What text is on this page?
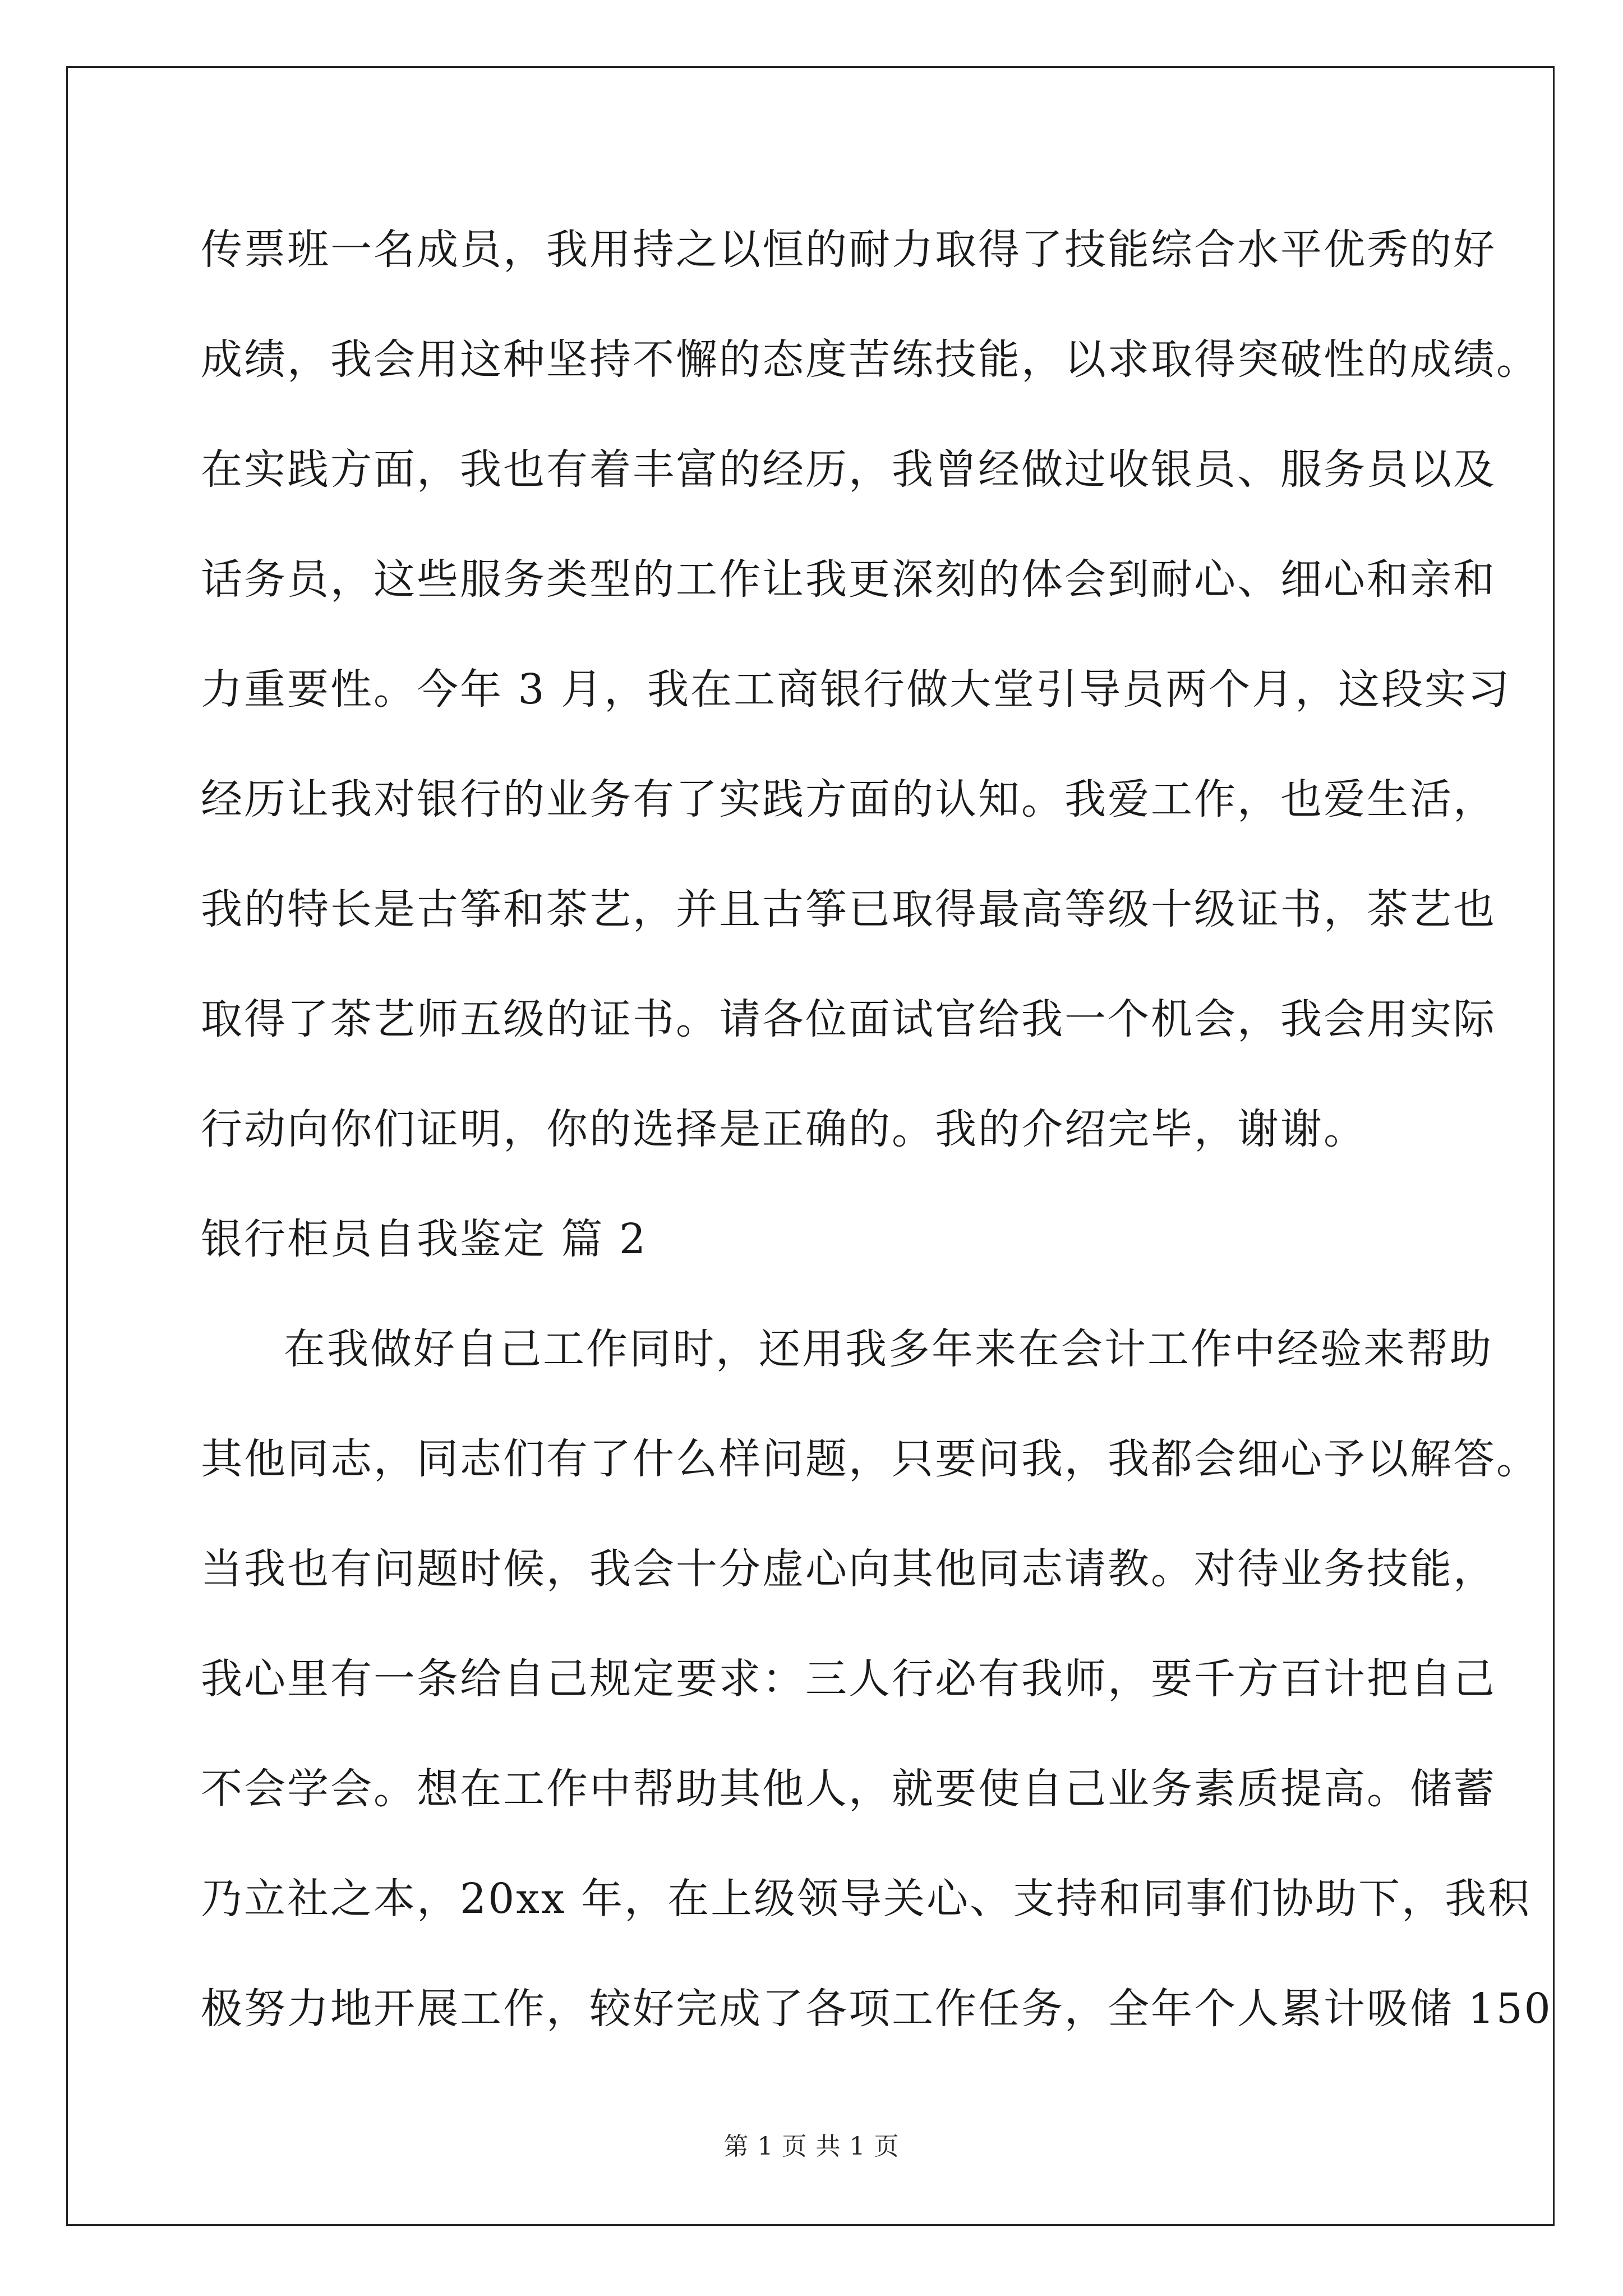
传票班一名成员，我用持之以恒的耐力取得了技能综合水平优秀的好
成绩，我会用这种坚持不懈的态度苦练技能，以求取得突破性的成绩。
在实践方面，我也有着丰富的经历，我曾经做过收银员、服务员以及
话务员，这些服务类型的工作让我更深刻的体会到耐心、细心和亲和
力重要性。今年 3 月，我在工商银行做大堂引导员两个月，这段实习
经历让我对银行的业务有了实践方面的认知。我爱工作，也爱生活，
我的特长是古筝和茶艺，并且古筝已取得最高等级十级证书，茶艺也
取得了茶艺师五级的证书。请各位面试官给我一个机会，我会用实际
行动向你们证明，你的选择是正确的。我的介绍完毕，谢谢。
银行柜员自我鉴定 篇 2
在我做好自己工作同时，还用我多年来在会计工作中经验来帮助
其他同志，同志们有了什么样问题，只要问我，我都会细心予以解答。
当我也有问题时候，我会十分虚心向其他同志请教。对待业务技能，
我心里有一条给自己规定要求：三人行必有我师，要千方百计把自己
不会学会。想在工作中帮助其他人，就要使自己业务素质提高。储蓄
乃立社之本，20xx 年，在上级领导关心、支持和同事们协助下，我积
极努力地开展工作，较好完成了各项工作任务，全年个人累计吸储 150
第 1 页 共 1 页
